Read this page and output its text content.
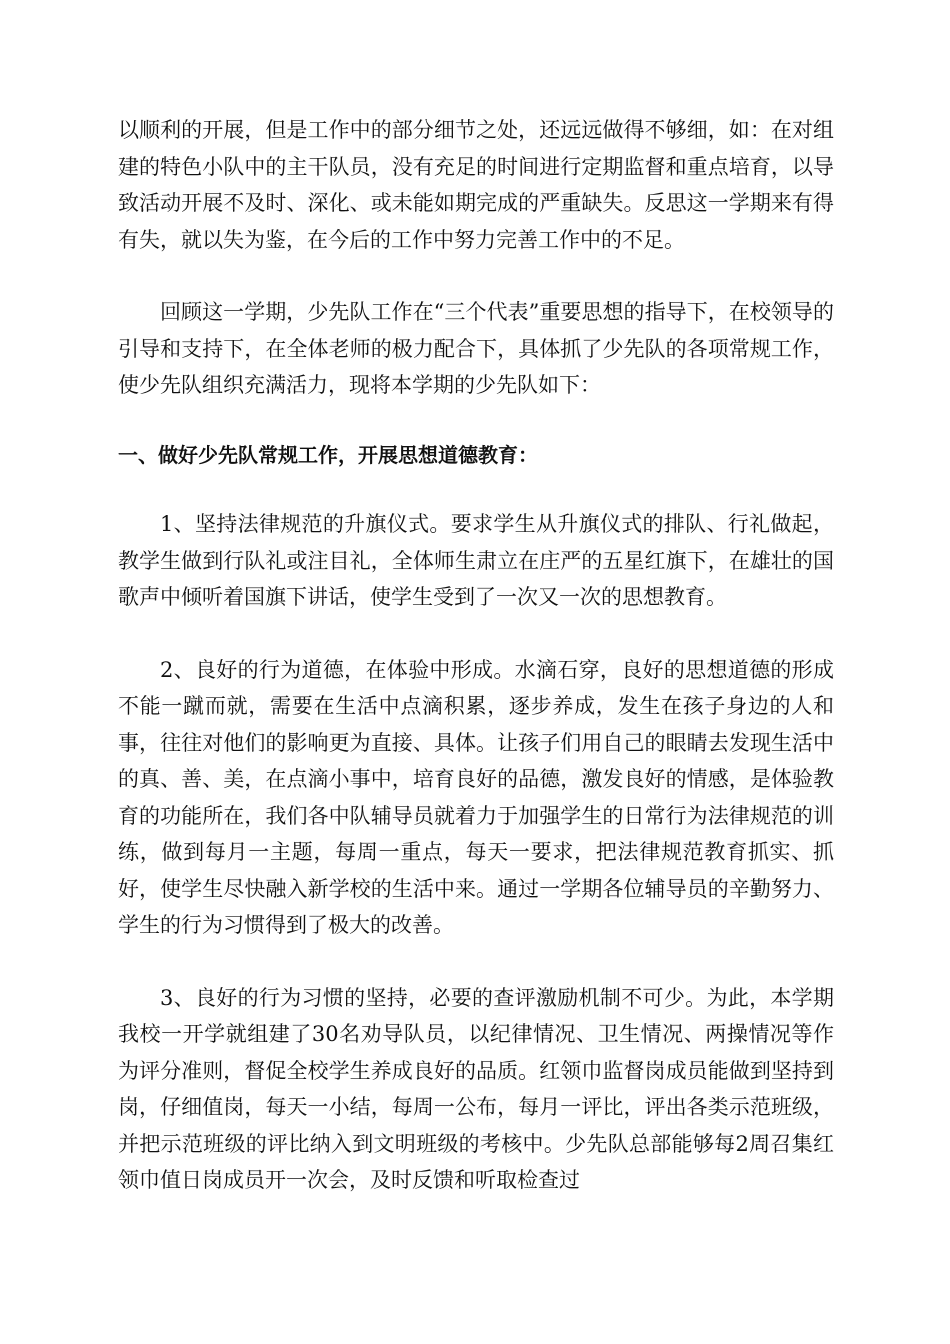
以顺利的开展，但是工作中的部分细节之处，还远远做得不够细，如：在对组建的特色小队中的主干队员，没有充足的时间进行定期监督和重点培育，以导致活动开展不及时、深化、或未能如期完成的严重缺失。反思这一学期来有得有失，就以失为鉴，在今后的工作中努力完善工作中的不足。

回顾这一学期，少先队工作在“三个代表”重要思想的指导下，在校领导的引导和支持下，在全体老师的极力配合下，具体抓了少先队的各项常规工作，使少先队组织充满活力，现将本学期的少先队如下：

一、做好少先队常规工作，开展思想道德教育：

1、坚持法律规范的升旗仪式。要求学生从升旗仪式的排队、行礼做起，教学生做到行队礼或注目礼，全体师生肃立在庄严的五星红旗下，在雄壮的国歌声中倾听着国旗下讲话，使学生受到了一次又一次的思想教育。

2、良好的行为道德，在体验中形成。水滴石穿，良好的思想道德的形成不能一蹴而就，需要在生活中点滴积累，逐步养成，发生在孩子身边的人和事，往往对他们的影响更为直接、具体。让孩子们用自己的眼睛去发现生活中的真、善、美，在点滴小事中，培育良好的品德，激发良好的情感，是体验教育的功能所在，我们各中队辅导员就着力于加强学生的日常行为法律规范的训练，做到每月一主题，每周一重点，每天一要求，把法律规范教育抓实、抓好，使学生尽快融入新学校的生活中来。通过一学期各位辅导员的辛勤努力、学生的行为习惯得到了极大的改善。

3、良好的行为习惯的坚持，必要的查评激励机制不可少。为此，本学期我校一开学就组建了30名劝导队员，以纪律情况、卫生情况、两操情况等作为评分准则，督促全校学生养成良好的品质。红领巾监督岗成员能做到坚持到岗，仔细值岗，每天一小结，每周一公布，每月一评比，评出各类示范班级，并把示范班级的评比纳入到文明班级的考核中。少先队总部能够每2周召集红领巾值日岗成员开一次会，及时反馈和听取检查过
